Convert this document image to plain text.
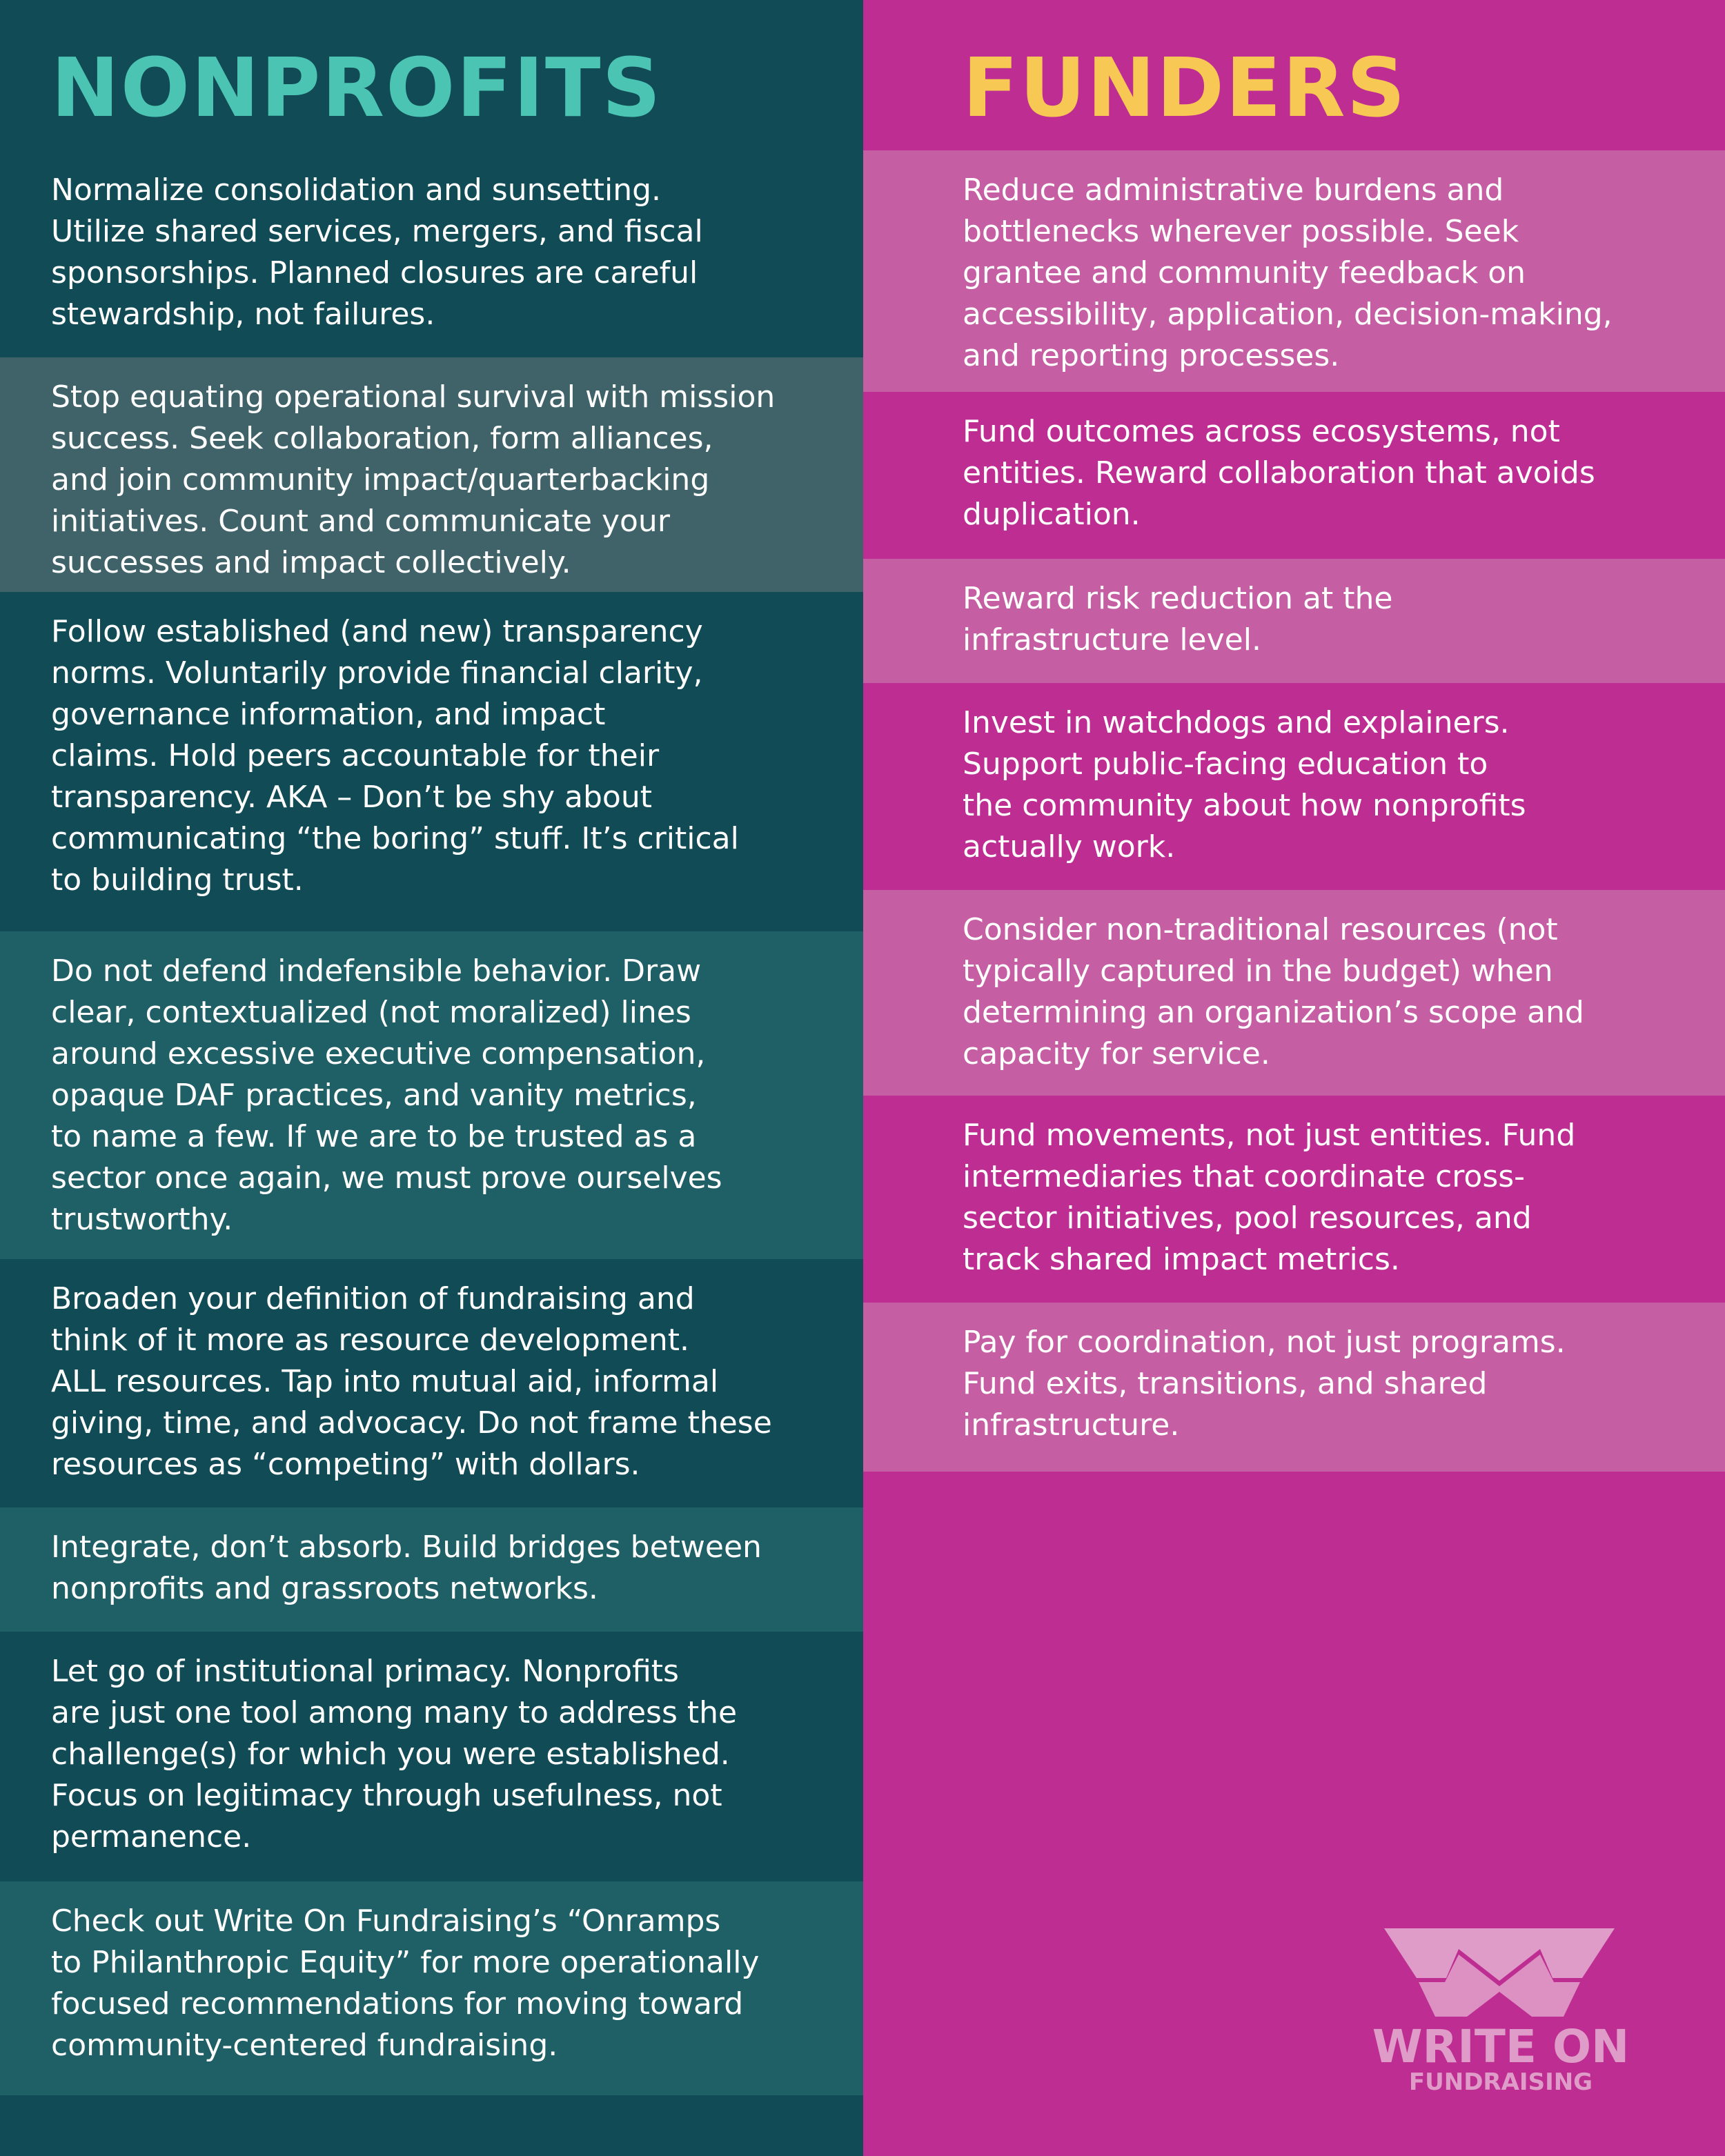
NONPROFITS

Normalize consolidation and sunsetting.
Utilize shared services, mergers, and fiscal
sponsorships. Planned closures are careful
stewardship, not failures.

Stop equating operational survival with mission
success. Seek collaboration, form alliances,
and join community impact/quarterbacking
initiatives. Count and communicate your
successes and impact collectively.

Follow established (and new) transparency
norms. Voluntarily provide financial clarity,
governance information, and impact
claims. Hold peers accountable for their
transparency. AKA – Don’t be shy about
communicating “the boring” stuff. It’s critical
to building trust.

Do not defend indefensible behavior. Draw
clear, contextualized (not moralized) lines
around excessive executive compensation,
opaque DAF practices, and vanity metrics,
to name a few. If we are to be trusted as a
sector once again, we must prove ourselves
trustworthy.

Broaden your definition of fundraising and
think of it more as resource development.
ALL resources. Tap into mutual aid, informal
giving, time, and advocacy. Do not frame these
resources as “competing” with dollars.

Integrate, don’t absorb. Build bridges between
nonprofits and grassroots networks.

Let go of institutional primacy. Nonprofits
are just one tool among many to address the
challenge(s) for which you were established.
Focus on legitimacy through usefulness, not
permanence.

Check out Write On Fundraising’s “Onramps
to Philanthropic Equity” for more operationally
focused recommendations for moving toward
community-centered fundraising.

FUNDERS

Reduce administrative burdens and
bottlenecks wherever possible. Seek
grantee and community feedback on
accessibility, application, decision-making,
and reporting processes.

Fund outcomes across ecosystems, not
entities. Reward collaboration that avoids
duplication.

Reward risk reduction at the
infrastructure level.

Invest in watchdogs and explainers.
Support public-facing education to
the community about how nonprofits
actually work.

Consider non-traditional resources (not
typically captured in the budget) when
determining an organization’s scope and
capacity for service.

Fund movements, not just entities. Fund
intermediaries that coordinate cross-
sector initiatives, pool resources, and
track shared impact metrics.

Pay for coordination, not just programs.
Fund exits, transitions, and shared
infrastructure.

WRITE ON
FUNDRAISING
